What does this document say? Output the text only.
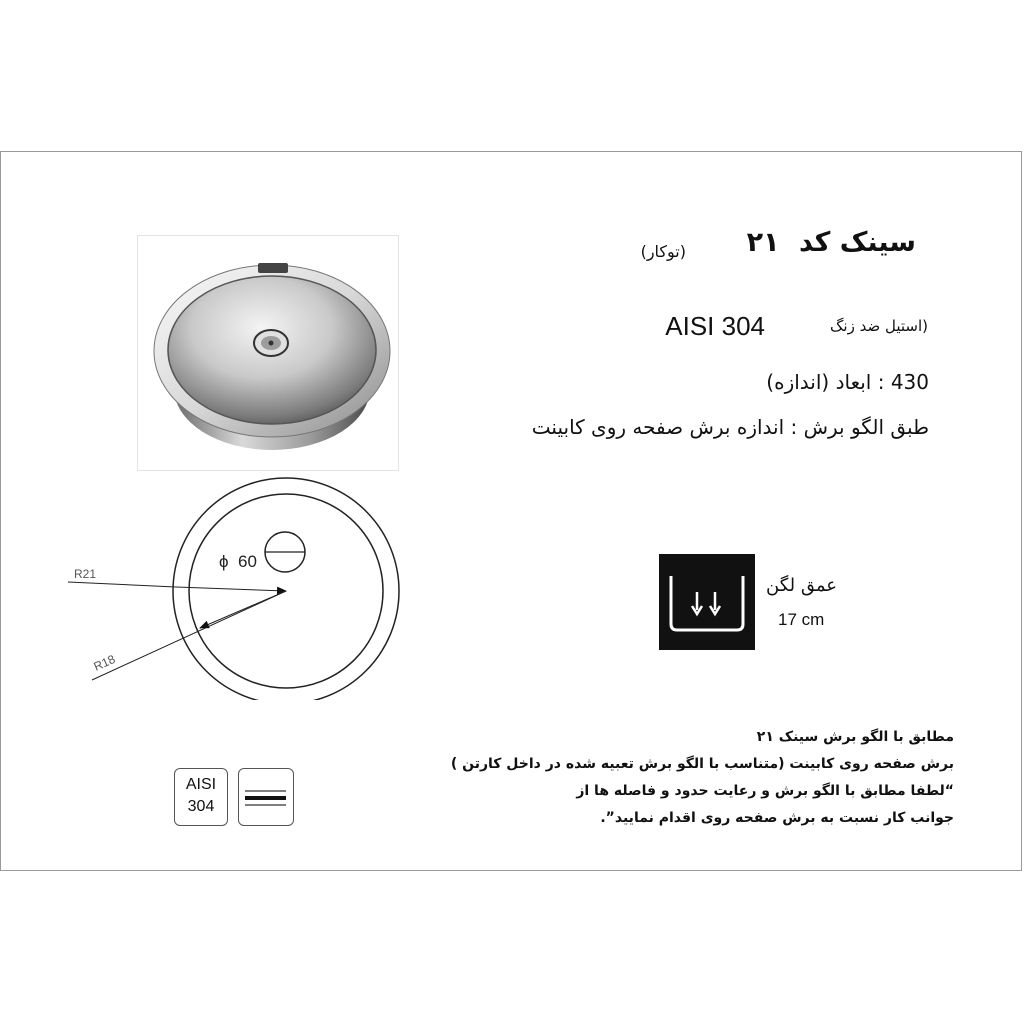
سینک کد ۲۱
(توکار)
AISI 304	(استیل ضد زنگ
430 : ابعاد (اندازه)
طبق الگو برش : اندازه برش صفحه روی کابینت
ϕ 60
R21
R18
عمق لگن
17 cm
مطابق با الگو برش سینک ۲۱
برش صفحه روی کابینت (متناسب با الگو برش تعبیه شده در داخل کارتن )
“لطفا مطابق با الگو برش و رعایت حدود و فاصله ها از
جوانب کار نسبت به برش صفحه روی اقدام نمایید”.
AISI
304
